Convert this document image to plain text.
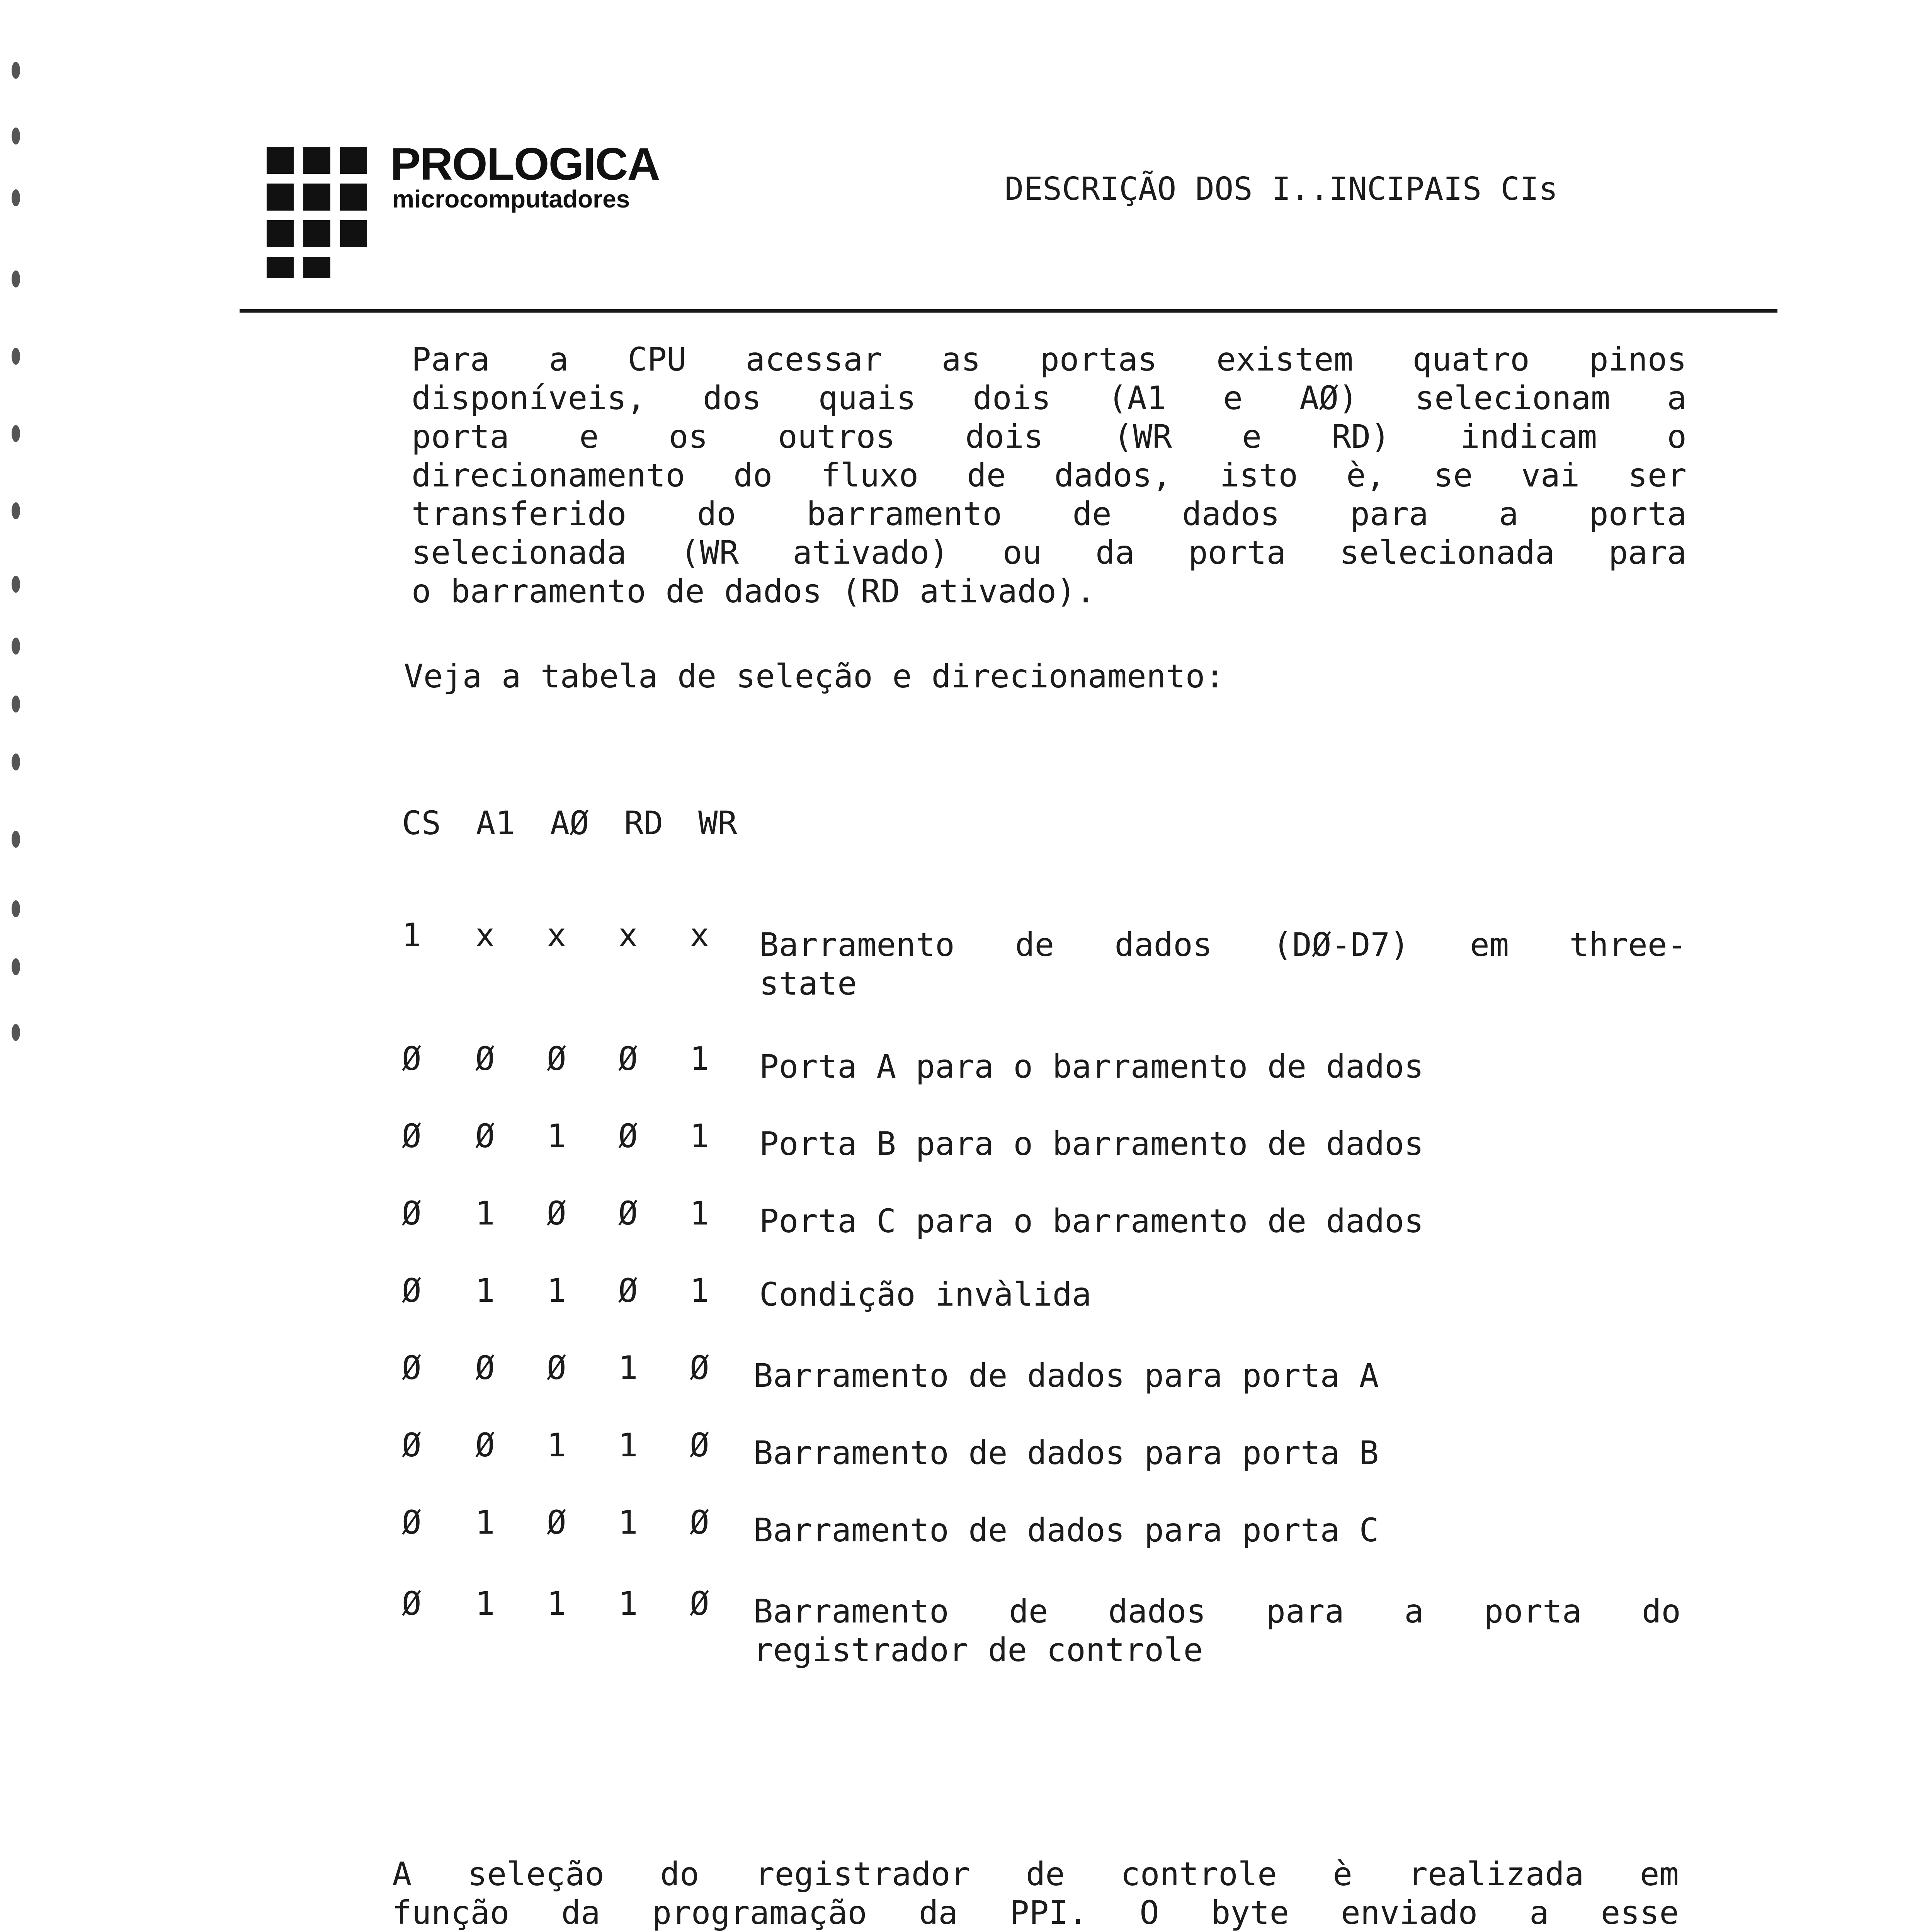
PROLOGICA
microcomputadores	DESCRIÇÃO DOS I..INCIPAIS CIs
Para a CPU acessar as portas existem quatro pinos
disponíveis, dos quais dois (A1 e AØ) selecionam a
porta e os outros dois (WR e RD) indicam o
direcionamento do fluxo de dados, isto è, se vai ser
transferido do barramento de dados para a porta
selecionada (WR ativado) ou da porta selecionada para
o barramento de dados (RD ativado).
Veja a tabela de seleção e direcionamento:
CS A1 AØ RD WR
1 x x x x Barramento de dados (DØ-D7) em three-
state
Ø Ø Ø Ø 1 Porta A para o barramento de dados
Ø Ø 1 Ø 1 Porta B para o barramento de dados
Ø 1 Ø Ø 1 Porta C para o barramento de dados
Ø 1 1 Ø 1 Condição invàlida
Ø Ø Ø 1 Ø Barramento de dados para porta A
Ø Ø 1 1 Ø Barramento de dados para porta B
Ø 1 Ø 1 Ø Barramento de dados para porta C
Ø 1 1 1 Ø Barramento de dados para a porta do
registrador de controle
A seleção do registrador de controle è realizada em
função da programação da PPI. O byte enviado a esse
